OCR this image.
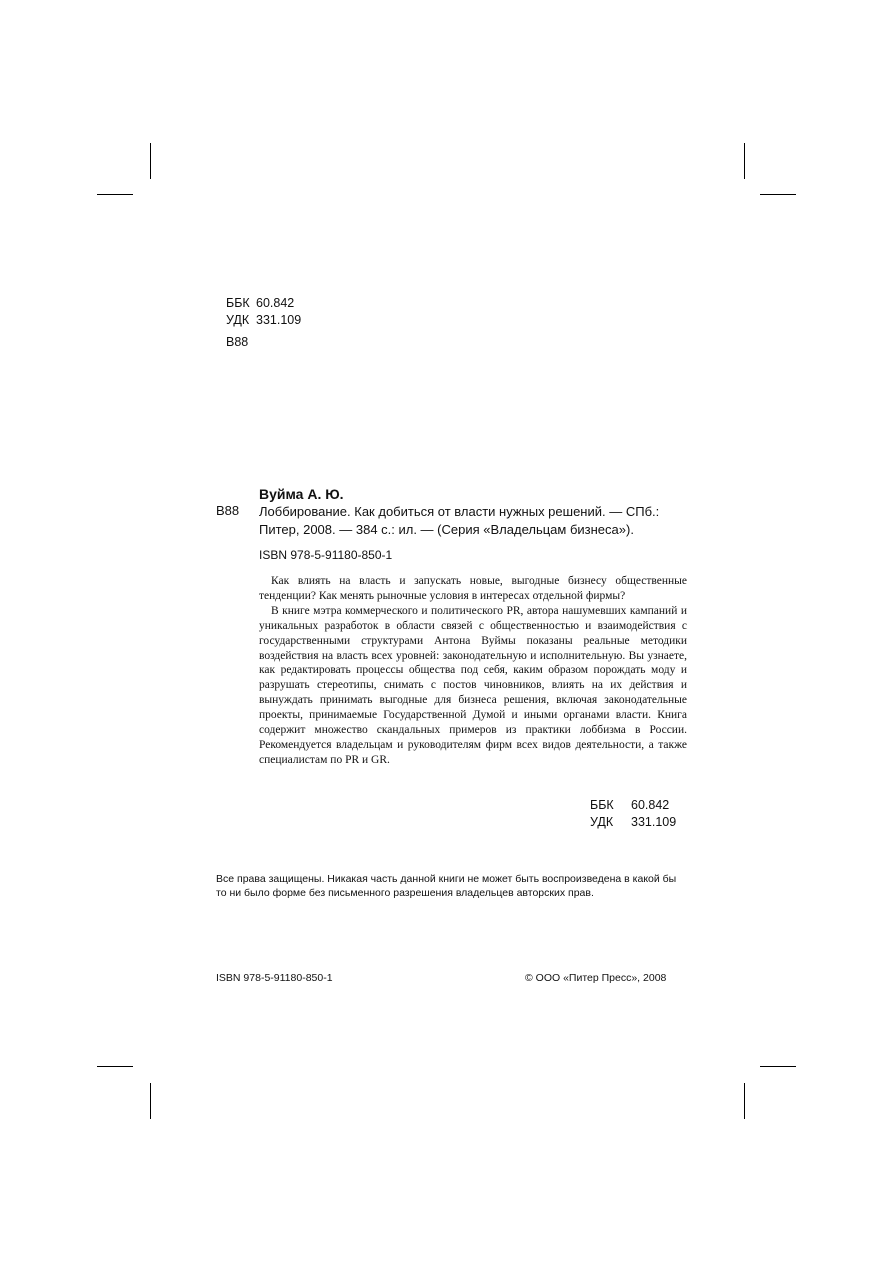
ББК 60.842
УДК 331.109
В88
Вуйма А. Ю.
В88 Лоббирование. Как добиться от власти нужных решений. — СПб.:
Питер, 2008. — 384 с.: ил. — (Серия «Владельцам бизнеса»).
ISBN 978-5-91180-850-1

Как влиять на власть и запускать новые, выгодные бизнесу общественные тенденции? Как менять рыночные условия в интересах отдельной фирмы?

В книге мэтра коммерческого и политического PR, автора нашумевших кампаний и уникальных разработок в области связей с общественностью и взаимодействия с государственными структурами Антона Вуймы показаны реальные методики воздействия на власть всех уровней: законодательную и исполнительную. Вы узнаете, как редактировать процессы общества под себя, каким образом порождать моду и разрушать стереотипы, снимать с постов чиновников, влиять на их действия и вынуждать принимать выгодные для бизнеса решения, включая законодательные проекты, принимаемые Государственной Думой и иными органами власти. Книга содержит множество скандальных примеров из практики лоббизма в России. Рекомендуется владельцам и руководителям фирм всех видов деятельности, а также специалистам по PR и GR.

ББК 60.842
УДК 331.109
Все права защищены. Никакая часть данной книги не может быть воспроизведена в какой бы то ни было форме без письменного разрешения владельцев авторских прав.
ISBN 978-5-91180-850-1	© ООО «Питер Пресс», 2008
